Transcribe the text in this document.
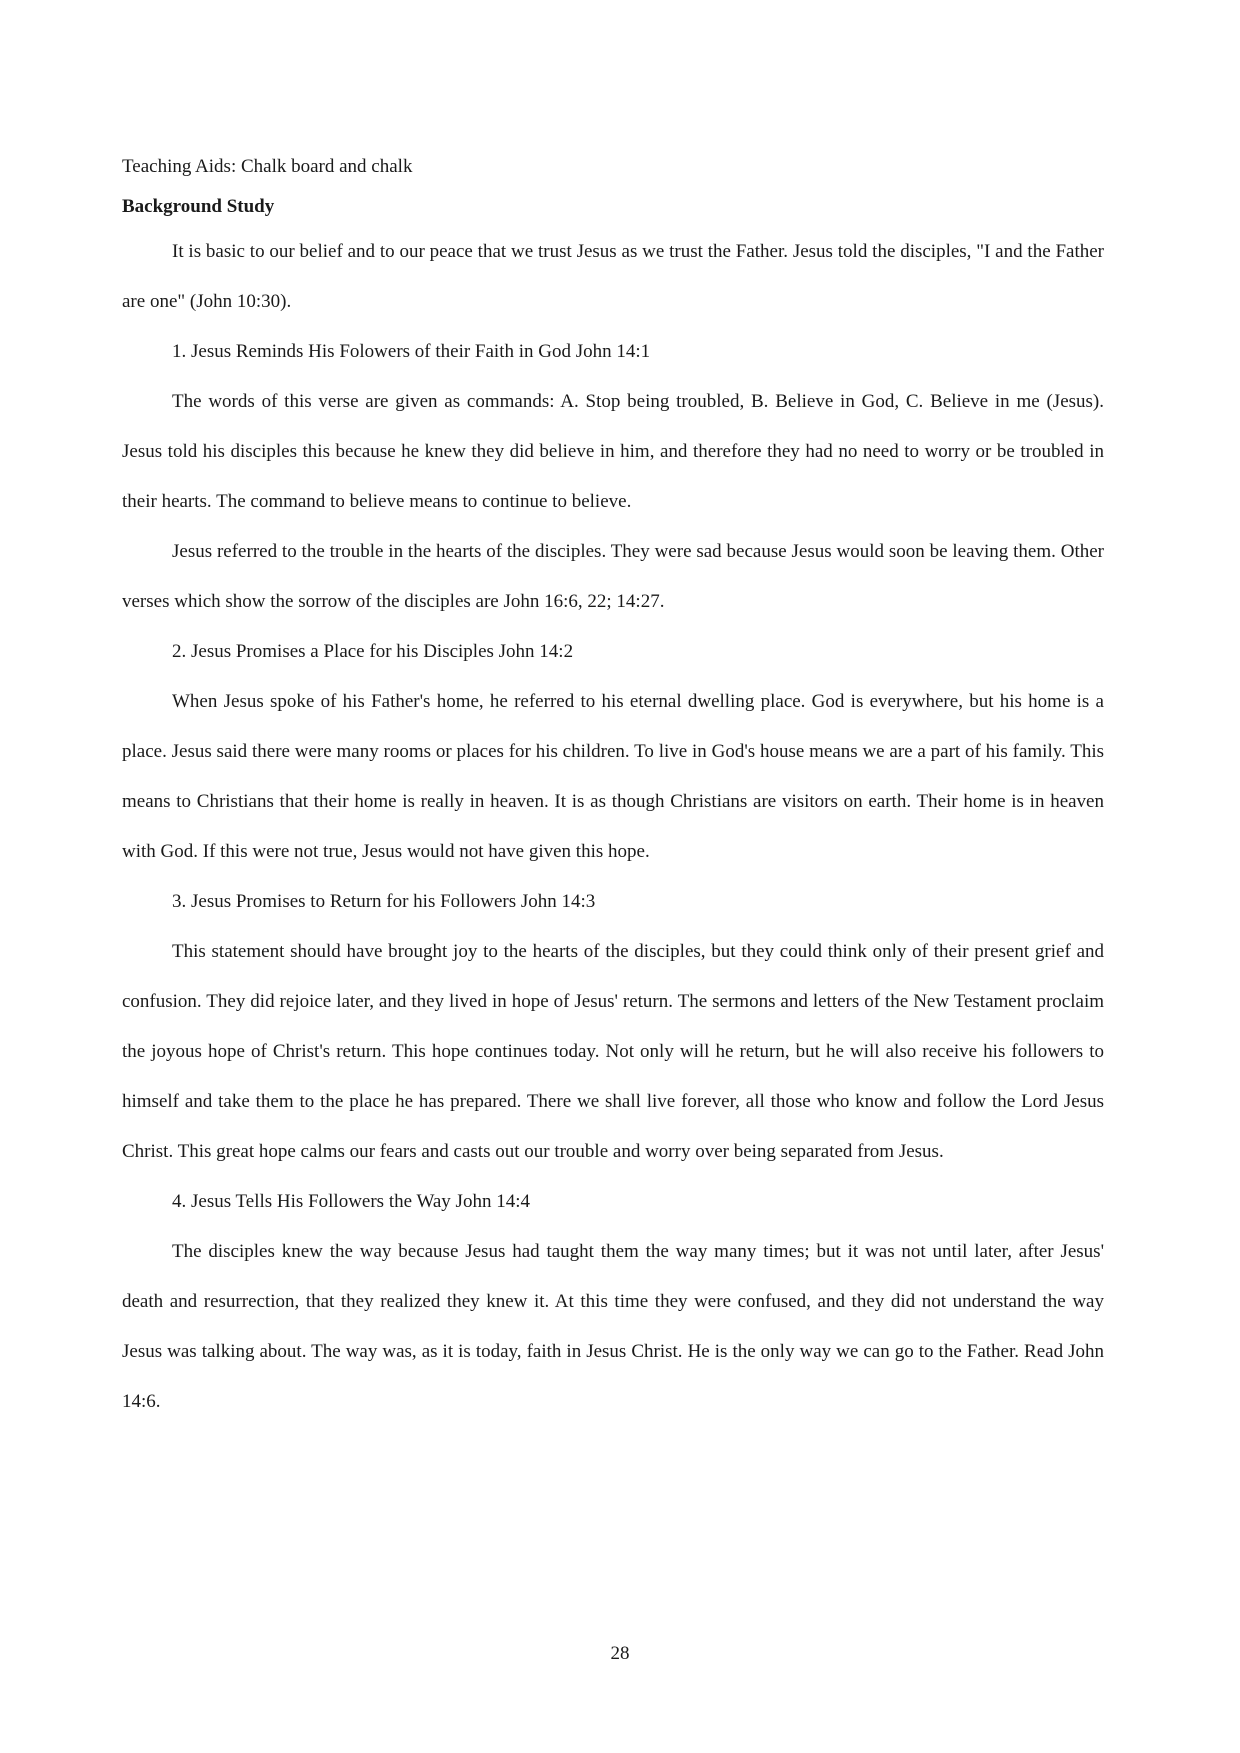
Teaching Aids: Chalk board and chalk

Background Study

It is basic to our belief and to our peace that we trust Jesus as we trust the Father. Jesus told the disciples, "I and the Father are one" (John 10:30).

1. Jesus Reminds His Folowers of their Faith in God John 14:1

The words of this verse are given as commands: A. Stop being troubled, B. Believe in God, C. Believe in me (Jesus). Jesus told his disciples this because he knew they did believe in him, and therefore they had no need to worry or be troubled in their hearts. The command to believe means to continue to believe.

Jesus referred to the trouble in the hearts of the disciples. They were sad because Jesus would soon be leaving them. Other verses which show the sorrow of the disciples are John 16:6, 22; 14:27.

2. Jesus Promises a Place for his Disciples John 14:2

When Jesus spoke of his Father's home, he referred to his eternal dwelling place. God is everywhere, but his home is a place. Jesus said there were many rooms or places for his children. To live in God's house means we are a part of his family. This means to Christians that their home is really in heaven. It is as though Christians are visitors on earth. Their home is in heaven with God. If this were not true, Jesus would not have given this hope.

3. Jesus Promises to Return for his Followers John 14:3

This statement should have brought joy to the hearts of the disciples, but they could think only of their present grief and confusion. They did rejoice later, and they lived in hope of Jesus' return. The sermons and letters of the New Testament proclaim the joyous hope of Christ's return. This hope continues today. Not only will he return, but he will also receive his followers to himself and take them to the place he has prepared. There we shall live forever, all those who know and follow the Lord Jesus Christ. This great hope calms our fears and casts out our trouble and worry over being separated from Jesus.

4. Jesus Tells His Followers the Way John 14:4

The disciples knew the way because Jesus had taught them the way many times; but it was not until later, after Jesus' death and resurrection, that they realized they knew it. At this time they were confused, and they did not understand the way Jesus was talking about. The way was, as it is today, faith in Jesus Christ. He is the only way we can go to the Father. Read John 14:6.

28
